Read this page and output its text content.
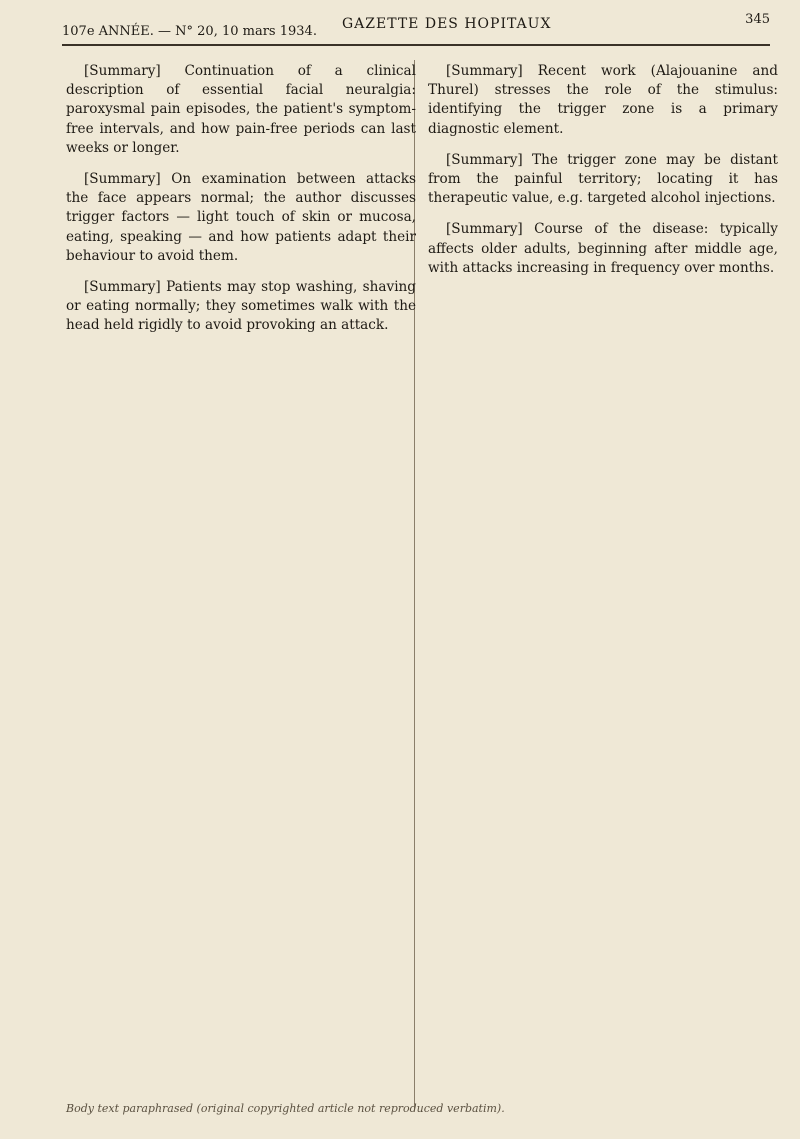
107e ANNÉE. — N° 20, 10 mars 1934. GAZETTE DES HOPITAUX	345

[Summary] Continuation of a clinical description of essential facial neuralgia: paroxysmal pain episodes, the patient's symptom-free intervals, and how pain-free periods can last weeks or longer.

[Summary] On examination between attacks the face appears normal; the author discusses trigger factors — light touch of skin or mucosa, eating, speaking — and how patients adapt their behaviour to avoid them.

[Summary] Patients may stop washing, shaving or eating normally; they sometimes walk with the head held rigidly to avoid provoking an attack.

[Summary] Recent work (Alajouanine and Thurel) stresses the role of the stimulus: identifying the trigger zone is a primary diagnostic element.

[Summary] The trigger zone may be distant from the painful territory; locating it has therapeutic value, e.g. targeted alcohol injections.

[Summary] Course of the disease: typically affects older adults, beginning after middle age, with attacks increasing in frequency over months.

Body text paraphrased (original copyrighted article not reproduced verbatim).
